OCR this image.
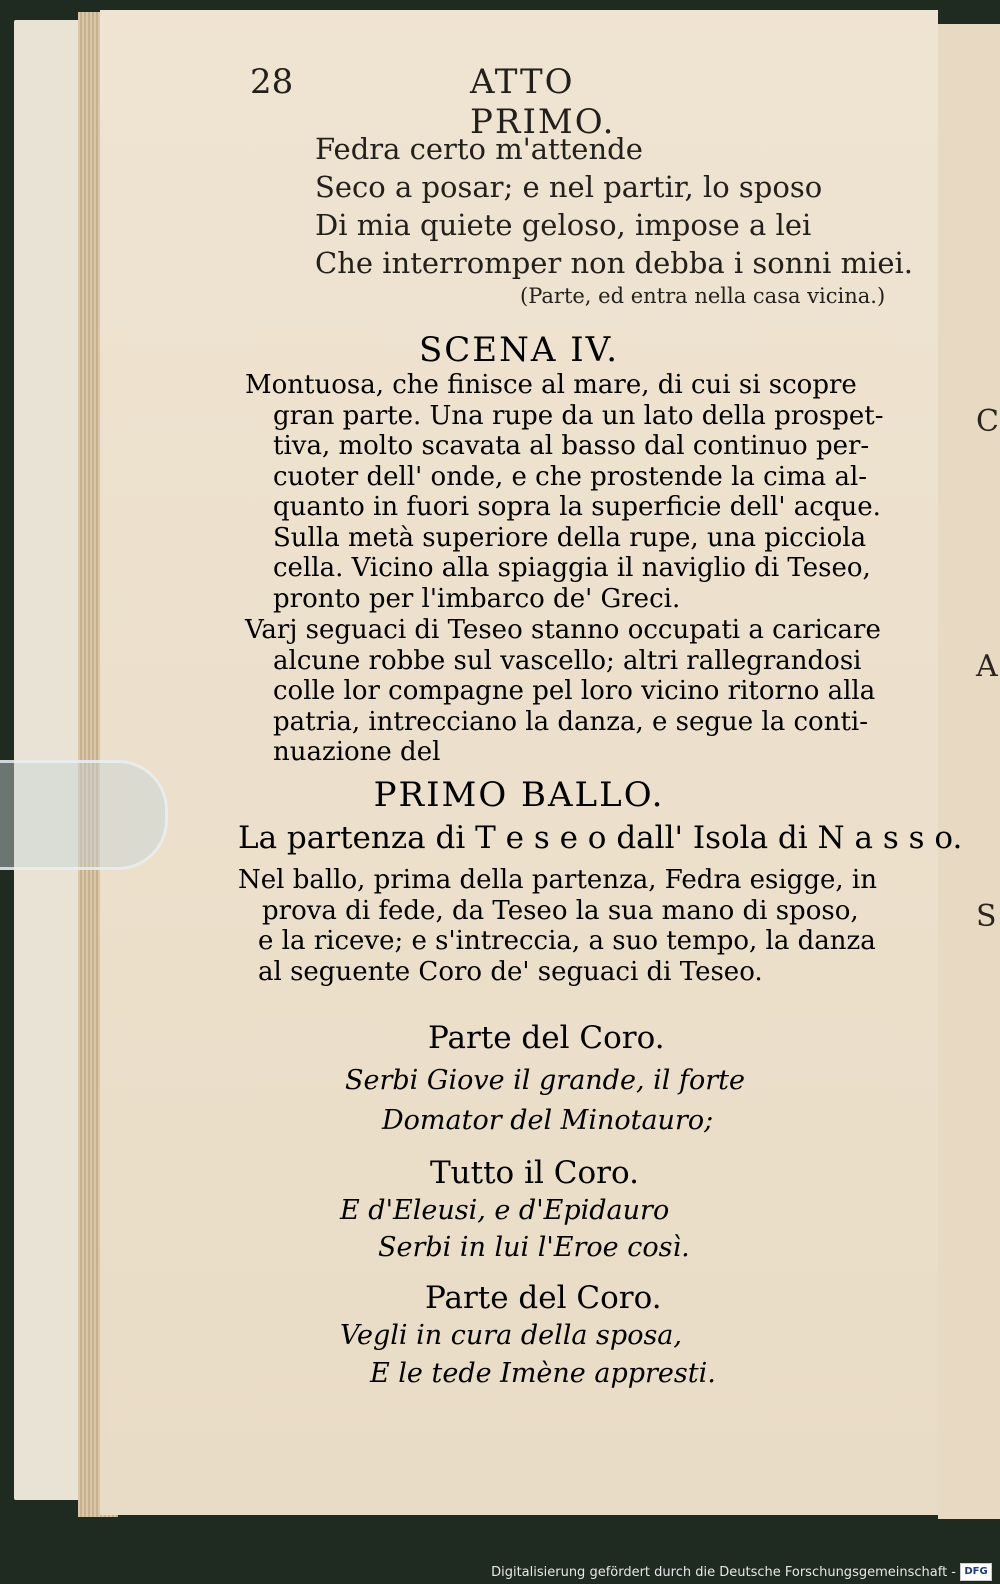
C
A
S
28	ATTO PRIMO.
Fedra certo m'attende
Seco a posar; e nel partir, lo sposo
Di mia quiete geloso, impose a lei
Che interromper non debba i sonni miei.
(Parte, ed entra nella casa vicina.)
SCENA IV.

Montuosa, che finisce al mare, di cui si scopre

gran parte. Una rupe da un lato della prospet-

tiva, molto scavata al basso dal continuo per-

cuoter dell' onde, e che prostende la cima al-

quanto in fuori sopra la superficie dell' acque.

Sulla metà superiore della rupe, una picciola

cella. Vicino alla spiaggia il naviglio di Teseo,

pronto per l'imbarco de' Greci.

Varj seguaci di Teseo stanno occupati a caricare

alcune robbe sul vascello; altri rallegrandosi

colle lor compagne pel loro vicino ritorno alla

patria, intrecciano la danza, e segue la conti-

nuazione del

PRIMO BALLO.
La partenza di T e s e o dall' Isola di N a s s o.

Nel ballo, prima della partenza, Fedra esigge, in

prova di fede, da Teseo la sua mano di sposo,

e la riceve; e s'intreccia, a suo tempo, la danza

al seguente Coro de' seguaci di Teseo.

Parte del Coro.
Serbi Giove il grande, il forte
Domator del Minotauro;
Tutto il Coro.
E d'Eleusi, e d'Epidauro
Serbi in lui l'Eroe così.
Parte del Coro.
Vegli in cura della sposa,
E le tede Imène appresti.
Digitalisierung gefördert durch die Deutsche Forschungsgemeinschaft - DFG
